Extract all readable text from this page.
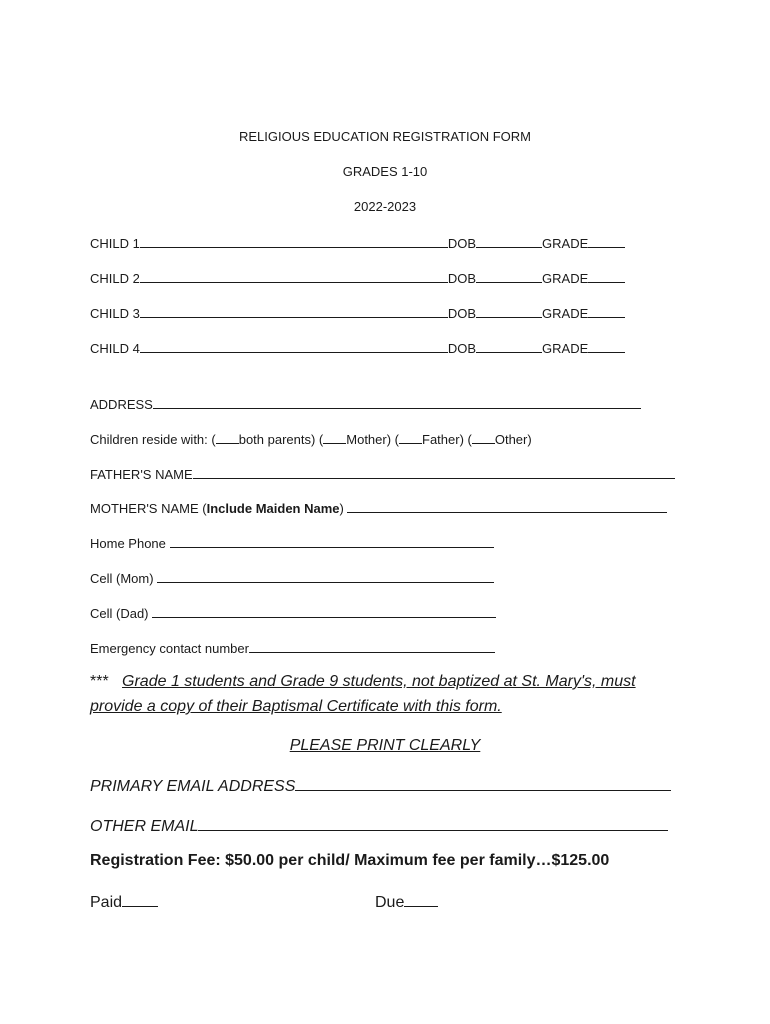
RELIGIOUS EDUCATION REGISTRATION FORM
GRADES 1-10
2022-2023
CHILD 1	DOB	GRADE
CHILD 2	DOB	GRADE
CHILD 3	DOB	GRADE
CHILD 4	DOB	GRADE
ADDRESS
Children reside with: ( both parents) ( Mother) ( Father) ( Other)
FATHER'S NAME
MOTHER'S NAME (Include Maiden Name)
Home Phone
Cell (Mom)
Cell (Dad)
Emergency contact number
*** Grade 1 students and Grade 9 students, not baptized at St. Mary's, must
provide a copy of their Baptismal Certificate with this form.
PLEASE PRINT CLEARLY
PRIMARY EMAIL ADDRESS
OTHER EMAIL
Registration Fee: $50.00 per child/ Maximum fee per family…$125.00
Paid	Due
